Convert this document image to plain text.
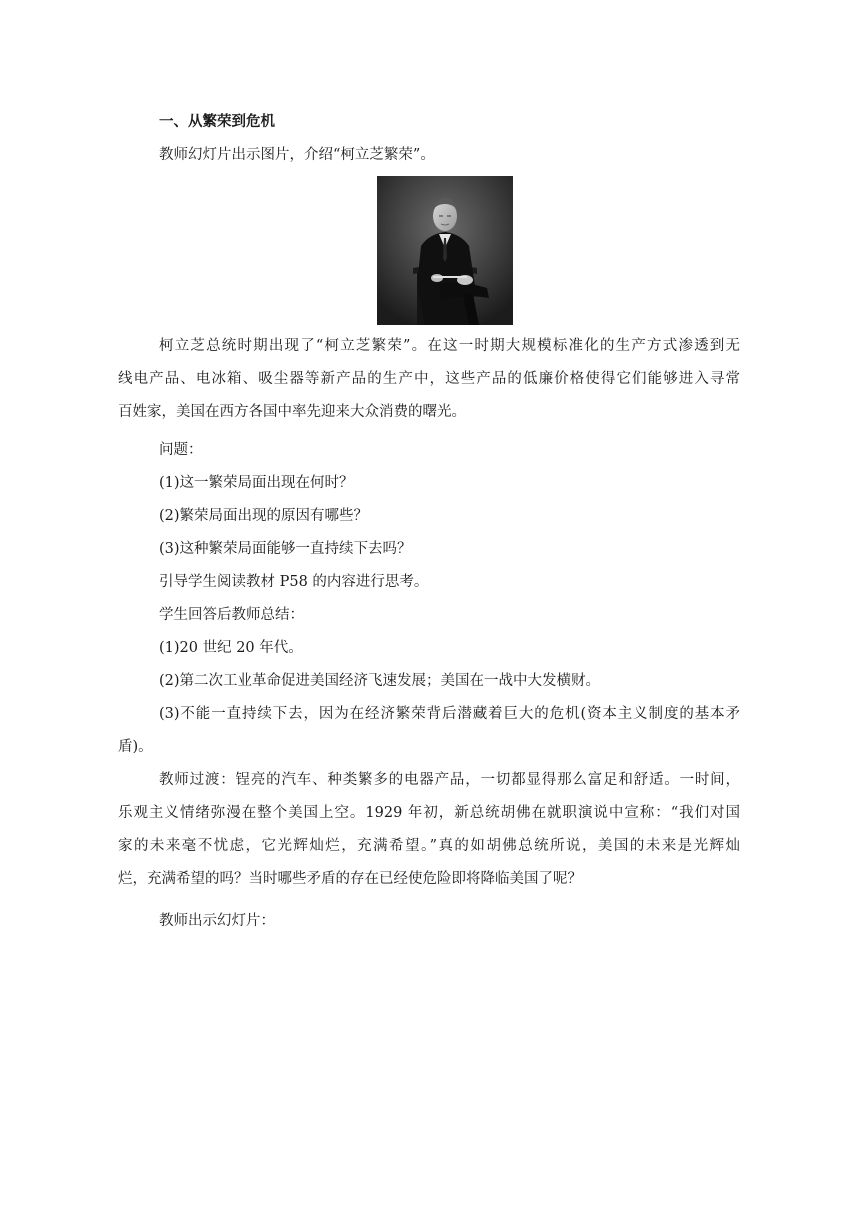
一、从繁荣到危机
教师幻灯片出示图片，介绍“柯立芝繁荣”。
柯立芝总统时期出现了“柯立芝繁荣”。在这一时期大规模标准化的生产方式渗透到无
线电产品、电冰箱、吸尘器等新产品的生产中，这些产品的低廉价格使得它们能够进入寻常
百姓家，美国在西方各国中率先迎来大众消费的曙光。
问题：
(1)这一繁荣局面出现在何时？
(2)繁荣局面出现的原因有哪些？
(3)这种繁荣局面能够一直持续下去吗？
引导学生阅读教材 P58 的内容进行思考。
学生回答后教师总结：
(1)20 世纪 20 年代。
(2)第二次工业革命促进美国经济飞速发展；美国在一战中大发横财。
(3)不能一直持续下去，因为在经济繁荣背后潜藏着巨大的危机(资本主义制度的基本矛
盾)。
教师过渡：锃亮的汽车、种类繁多的电器产品，一切都显得那么富足和舒适。一时间，
乐观主义情绪弥漫在整个美国上空。1929 年初，新总统胡佛在就职演说中宣称：“我们对国
家的未来毫不忧虑，它光辉灿烂，充满希望。”真的如胡佛总统所说，美国的未来是光辉灿
烂，充满希望的吗？当时哪些矛盾的存在已经使危险即将降临美国了呢？
教师出示幻灯片：
